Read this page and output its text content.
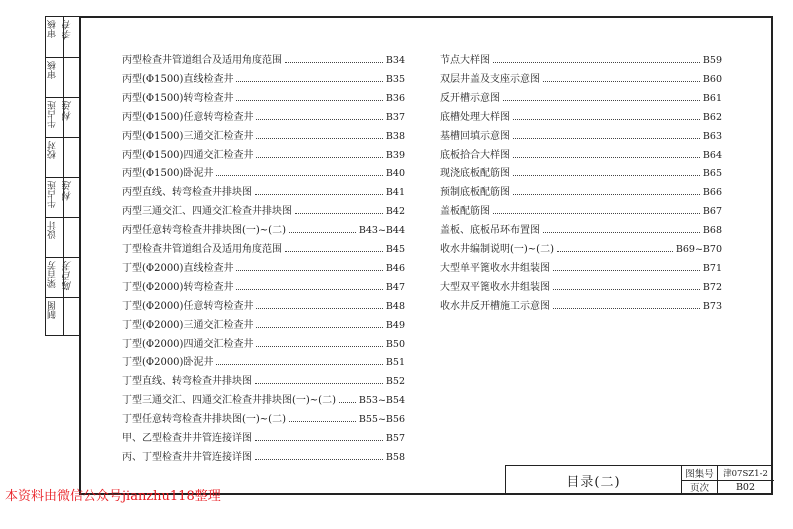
审核 李有
审核
牛占连 林连
校对
牛占连 林连
设计
梁百芳 陈百芳
制图
丙型检查井管道组合及适用角度范围	B34
丙型(Φ1500)直线检查井	B35
丙型(Φ1500)转弯检查井	B36
丙型(Φ1500)任意转弯检查井	B37
丙型(Φ1500)三通交汇检查井	B38
丙型(Φ1500)四通交汇检查井	B39
丙型(Φ1500)卧泥井	B40
丙型直线、转弯检查井排块图	B41
丙型三通交汇、四通交汇检查井排块图	B42
丙型任意转弯检查井排块图(一)~(二)	B43~B44
丁型检查井管道组合及适用角度范围	B45
丁型(Φ2000)直线检查井	B46
丁型(Φ2000)转弯检查井	B47
丁型(Φ2000)任意转弯检查井	B48
丁型(Φ2000)三通交汇检查井	B49
丁型(Φ2000)四通交汇检查井	B50
丁型(Φ2000)卧泥井	B51
丁型直线、转弯检查井排块图	B52
丁型三通交汇、四通交汇检查井排块图(一)~(二) B53~B54
丁型任意转弯检查井排块图(一)~(二)	B55~B56
甲、乙型检查井井管连接详图	B57
丙、丁型检查井井管连接详图	B58
节点大样图	B59
双层井盖及支座示意图	B60
反开槽示意图	B61
底槽处理大样图	B62
基槽回填示意图	B63
底板拾合大样图	B64
现浇底板配筋图	B65
预制底板配筋图	B66
盖板配筋图	B67
盖板、底板吊环布置图	B68
收水井编制说明(一)~(二)	B69~B70
大型单平篦收水井组装图	B71
大型双平篦收水井组装图	B72
收水井反开槽施工示意图	B73
目录(二)	图集号	津07SZ1-2
页次	B02
本资料由微信公众号jianzhu118整理
